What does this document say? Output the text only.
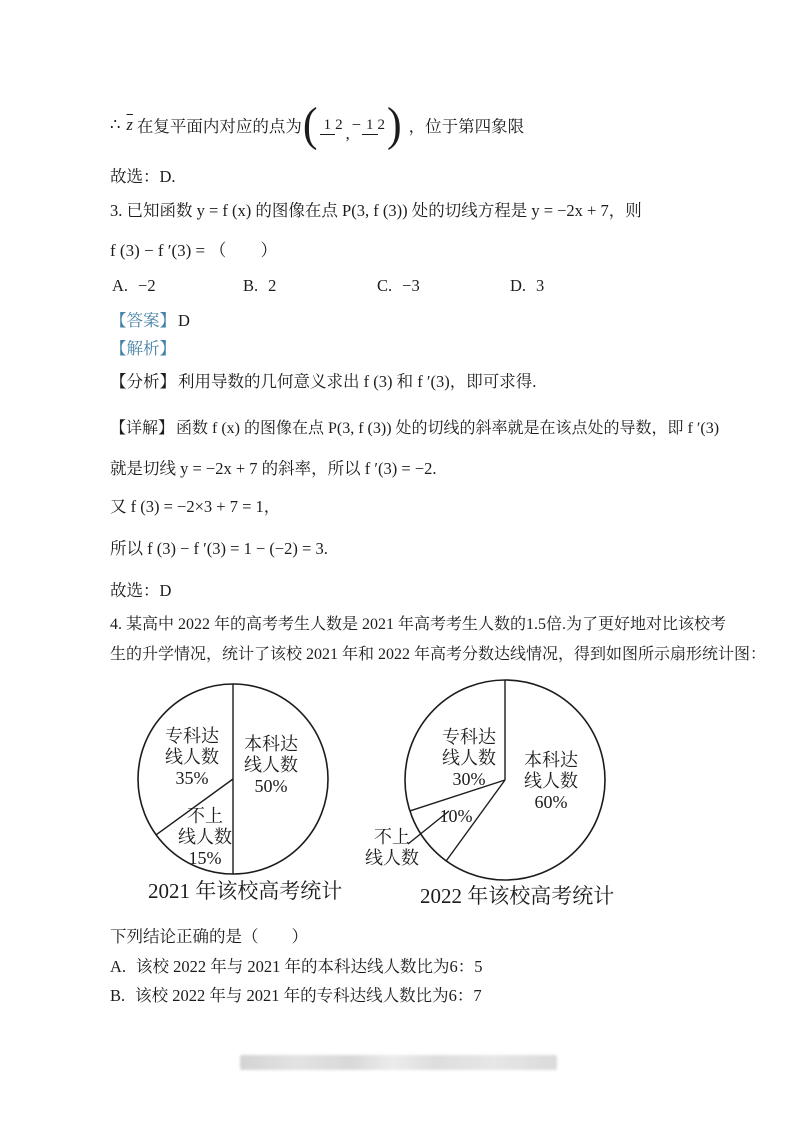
∴ $\overline{z}$ 在复平面内对应的点为 ( 1 2 , − 1 2 ) ，位于第四象限
故选：D.
3. 已知函数 y = f (x) 的图像在点 P(3, f (3)) 处的切线方程是 y = −2x + 7，则
f (3) − f ′(3) = （　　）
A. −2	B. 2	C. −3	D. 3
【答案】 D
【解析】
【分析】 利用导数的几何意义求出 f (3) 和 f ′(3)，即可求得.
【详解】 函数 f (x) 的图像在点 P(3, f (3)) 处的切线的斜率就是在该点处的导数，即 f ′(3)
就是切线 y = −2x + 7 的斜率，所以 f ′(3) = −2.
又 f (3) = −2×3 + 7 = 1，
所以 f (3) − f ′(3) = 1 − (−2) = 3.
故选：D
4. 某高中 2022 年的高考考生人数是 2021 年高考考生人数的1.5倍.为了更好地对比该校考
生的升学情况，统计了该校 2021 年和 2022 年高考分数达线情况，得到如图所示扇形统计图：
专科达
线人数
35%
本科达
线人数
50%
不上
线人数
15%
2021 年该校高考统计
专科达
线人数
30%
本科达
线人数
60%
10%
不上
线人数
2022 年该校高考统计
下列结论正确的是（　　）
A. 该校 2022 年与 2021 年的本科达线人数比为6：5
B. 该校 2022 年与 2021 年的专科达线人数比为6：7
